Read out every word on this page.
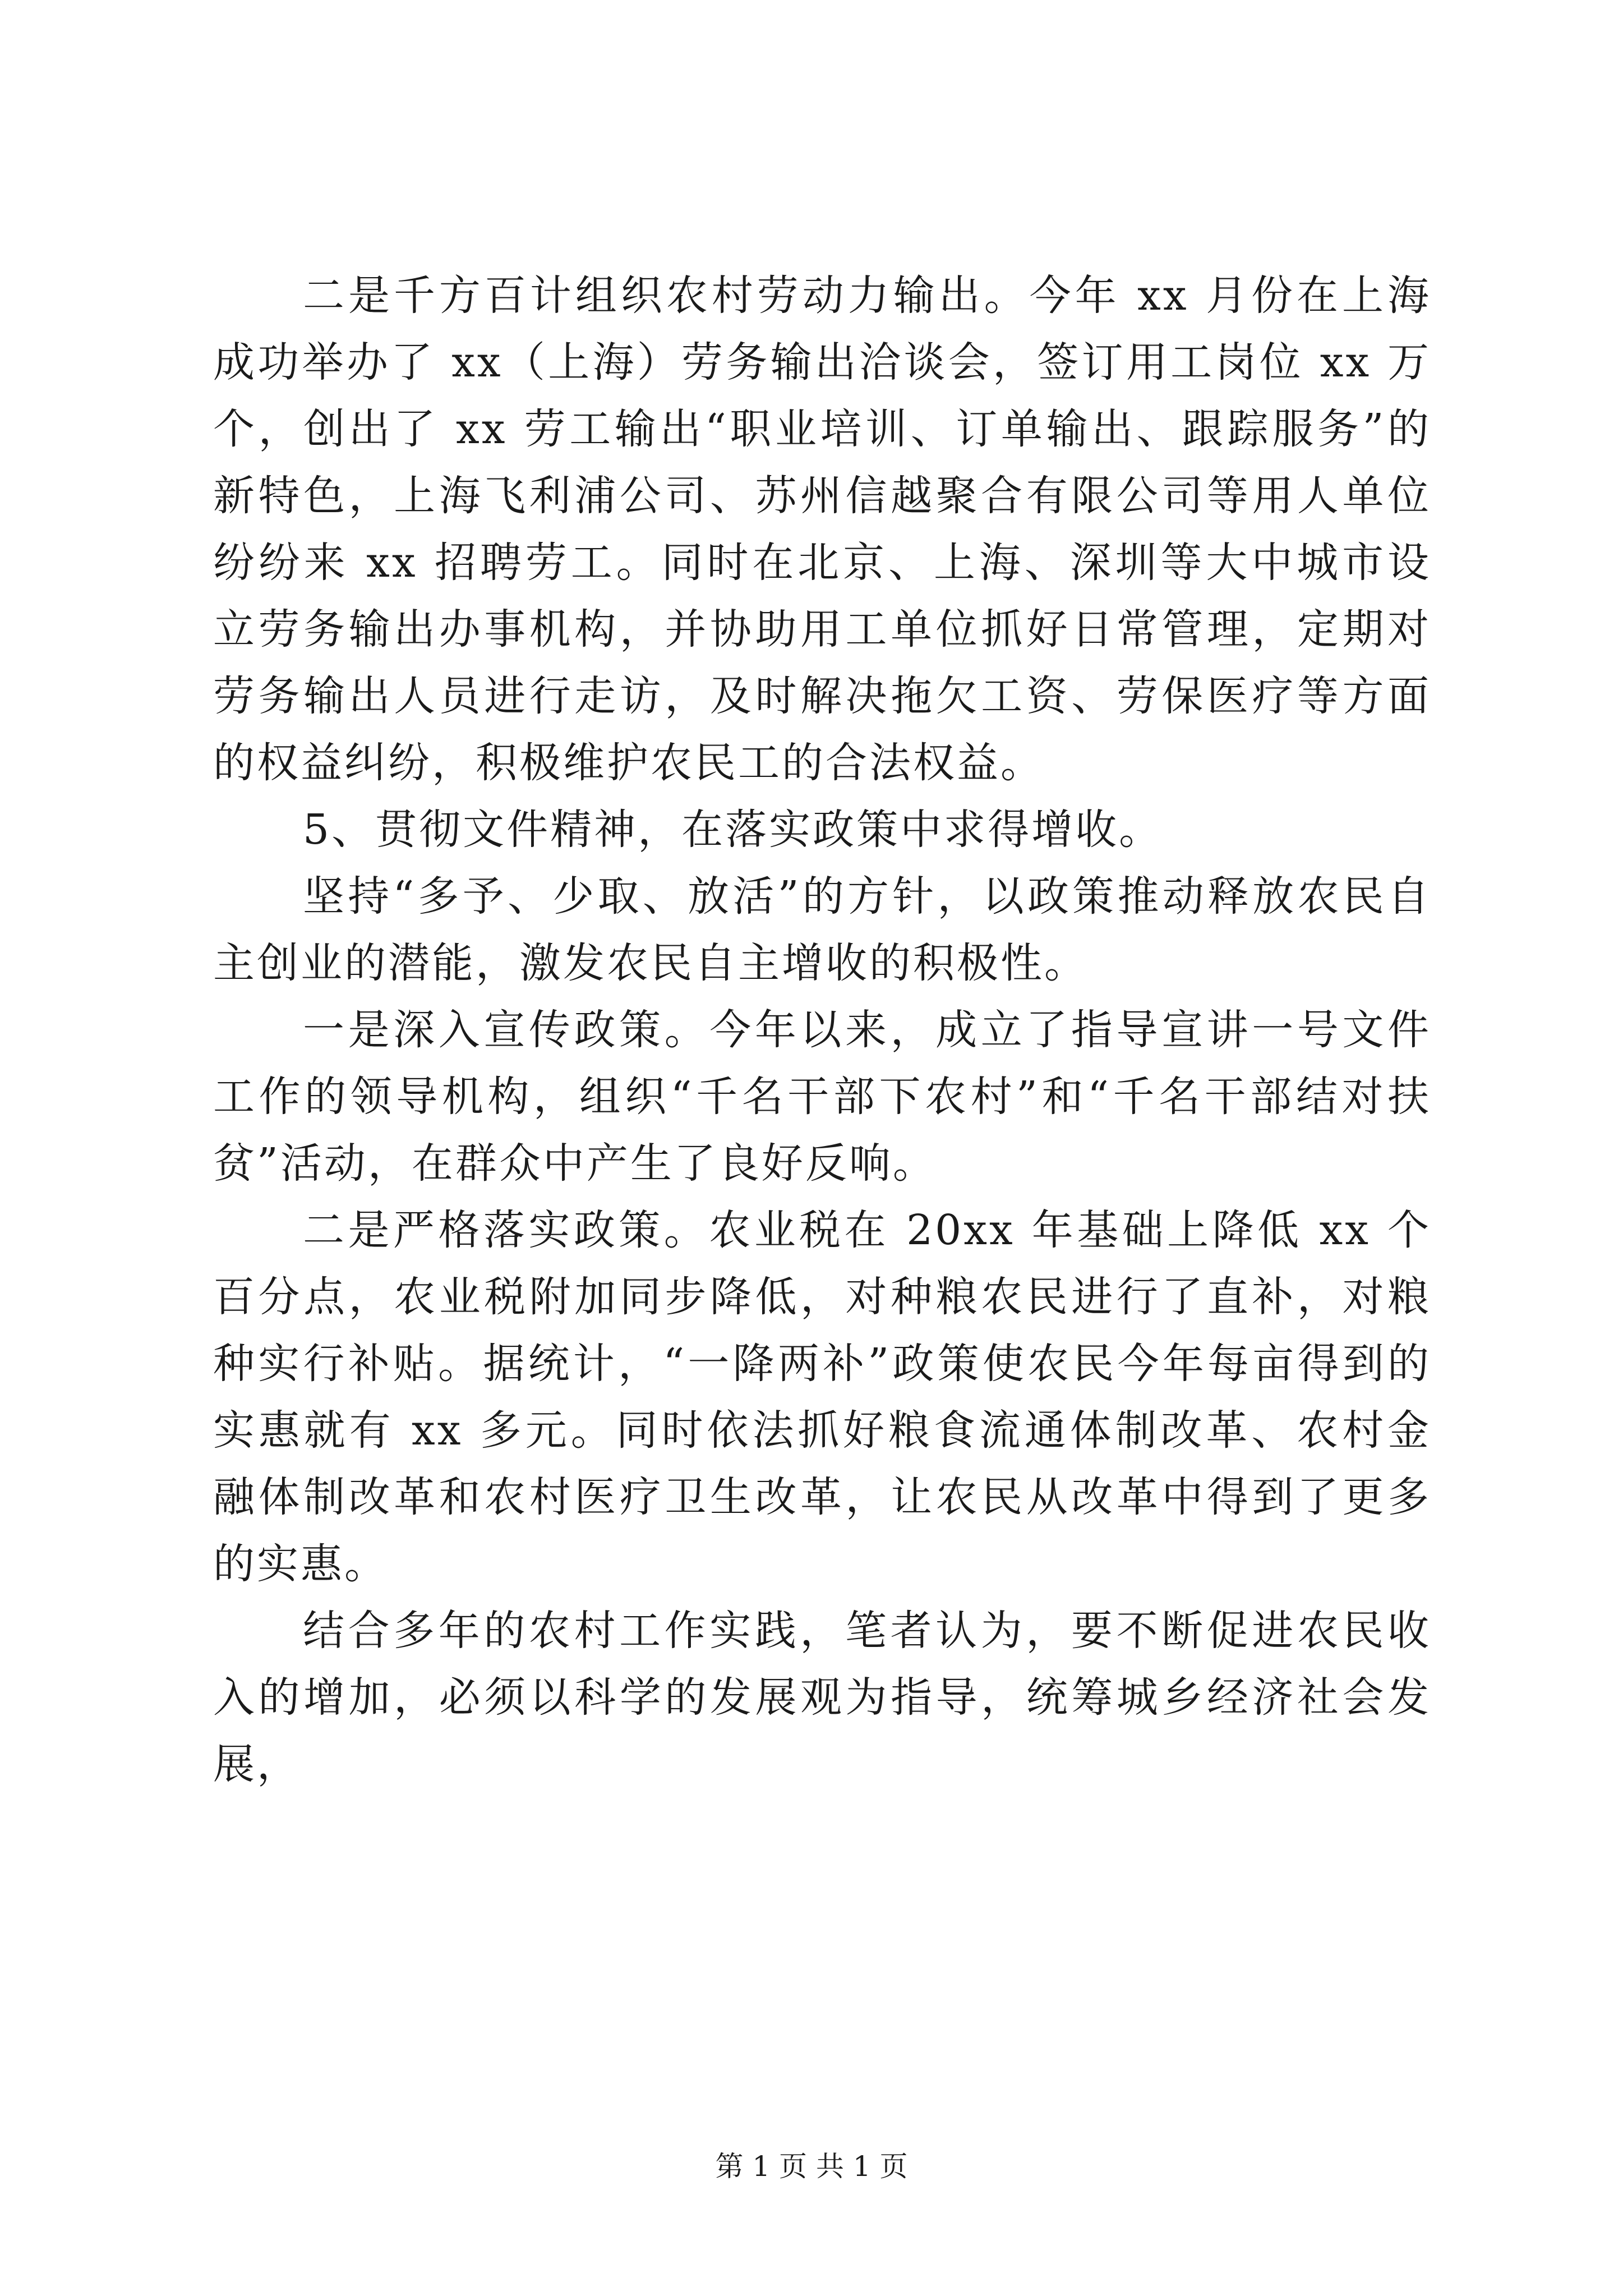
二是千方百计组织农村劳动力输出。今年 xx 月份在上海成功举办了 xx（上海）劳务输出洽谈会，签订用工岗位 xx 万个，创出了 xx 劳工输出“职业培训、订单输出、跟踪服务”的新特色，上海飞利浦公司、苏州信越聚合有限公司等用人单位纷纷来 xx 招聘劳工。同时在北京、上海、深圳等大中城市设立劳务输出办事机构，并协助用工单位抓好日常管理，定期对劳务输出人员进行走访，及时解决拖欠工资、劳保医疗等方面的权益纠纷，积极维护农民工的合法权益。

5、贯彻文件精神，在落实政策中求得增收。

坚持“多予、少取、放活”的方针，以政策推动释放农民自主创业的潜能，激发农民自主增收的积极性。

一是深入宣传政策。今年以来，成立了指导宣讲一号文件工作的领导机构，组织“千名干部下农村”和“千名干部结对扶贫”活动，在群众中产生了良好反响。

二是严格落实政策。农业税在 20xx 年基础上降低 xx 个百分点，农业税附加同步降低，对种粮农民进行了直补，对粮种实行补贴。据统计，“一降两补”政策使农民今年每亩得到的实惠就有 xx 多元。同时依法抓好粮食流通体制改革、农村金融体制改革和农村医疗卫生改革，让农民从改革中得到了更多的实惠。

结合多年的农村工作实践，笔者认为，要不断促进农民收入的增加，必须以科学的发展观为指导，统筹城乡经济社会发展，

第 1 页 共 1 页
